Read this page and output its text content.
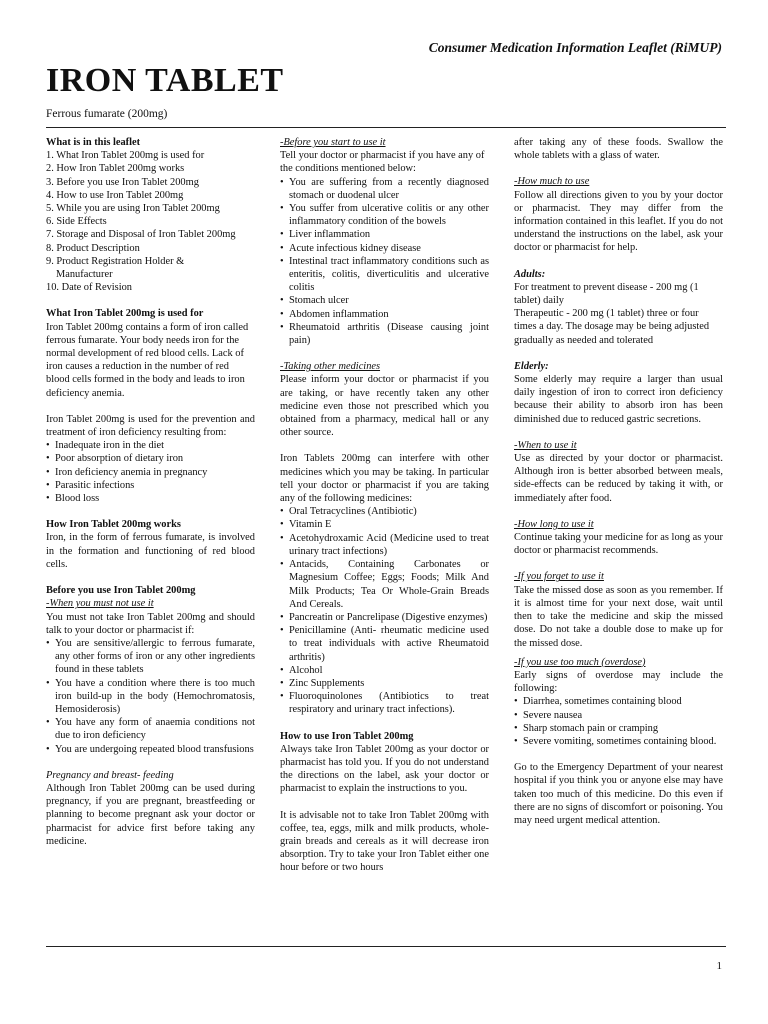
Consumer Medication Information Leaflet (RiMUP)
IRON TABLET
Ferrous fumarate (200mg)

What is in this leaflet

1. What Iron Tablet 200mg is used for
2. How Iron Tablet 200mg works
3. Before you use Iron Tablet 200mg
4. How to use Iron Tablet 200mg
5. While you are using Iron Tablet 200mg
6. Side Effects
7. Storage and Disposal of Iron Tablet 200mg
8. Product Description
9. Product Registration Holder &
Manufacturer
10. Date of Revision

What Iron Tablet 200mg is used for

Iron Tablet 200mg contains a form of iron called ferrous fumarate. Your body needs iron for the normal development of red blood cells. Lack of iron causes a reduction in the number of red blood cells formed in the body and leads to iron deficiency anemia.

Iron Tablet 200mg is used for the prevention and treatment of iron deficiency resulting from:

• Inadequate iron in the diet
• Poor absorption of dietary iron
• Iron deficiency anemia in pregnancy
• Parasitic infections
• Blood loss

How Iron Tablet 200mg works

Iron, in the form of ferrous fumarate, is involved in the formation and functioning of red blood cells.

Before you use Iron Tablet 200mg

-When you must not use it

You must not take Iron Tablet 200mg and should talk to your doctor or pharmacist if:

• You are sensitive/allergic to ferrous fumarate, any other forms of iron or any other ingredients found in these tablets
• You have a condition where there is too much iron build-up in the body (Hemochromatosis, Hemosiderosis)
• You have any form of anaemia conditions not due to iron deficiency
• You are undergoing repeated blood transfusions

Pregnancy and breast- feeding

Although Iron Tablet 200mg can be used during pregnancy, if you are pregnant, breastfeeding or planning to become pregnant ask your doctor or pharmacist for advice first before taking any medicine.

-Before you start to use it

Tell your doctor or pharmacist if you have any of the conditions mentioned below:

• You are suffering from a recently diagnosed stomach or duodenal ulcer
• You suffer from ulcerative colitis or any other inflammatory condition of the bowels
• Liver inflammation
• Acute infectious kidney disease
• Intestinal tract inflammatory conditions such as enteritis, colitis, diverticulitis and ulcerative colitis
• Stomach ulcer
• Abdomen inflammation
• Rheumatoid arthritis (Disease causing joint pain)

-Taking other medicines

Please inform your doctor or pharmacist if you are taking, or have recently taken any other medicine even those not prescribed which you obtained from a pharmacy, medical hall or any other source.

Iron Tablets 200mg can interfere with other medicines which you may be taking. In particular tell your doctor or pharmacist if you are taking any of the following medicines:

• Oral Tetracyclines (Antibiotic)
• Vitamin E
• Acetohydroxamic Acid (Medicine used to treat urinary tract infections)
• Antacids, Containing Carbonates or Magnesium Coffee; Eggs; Foods; Milk And Milk Products; Tea Or Whole-Grain Breads And Cereals.
• Pancreatin or Pancrelipase (Digestive enzymes)
• Penicillamine (Anti- rheumatic medicine used to treat individuals with active Rheumatoid arthritis)
• Alcohol
• Zinc Supplements
• Fluoroquinolones (Antibiotics to treat respiratory and urinary tract infections).

How to use Iron Tablet 200mg

Always take Iron Tablet 200mg as your doctor or pharmacist has told you. If you do not understand the directions on the label, ask your doctor or pharmacist to explain the instructions to you.

It is advisable not to take Iron Tablet 200mg with coffee, tea, eggs, milk and milk products, whole-grain breads and cereals as it will decrease iron absorption. Try to take your Iron Tablet either one hour before or two hours

after taking any of these foods. Swallow the whole tablets with a glass of water.

-How much to use

Follow all directions given to you by your doctor or pharmacist. They may differ from the information contained in this leaflet. If you do not understand the instructions on the label, ask your doctor or pharmacist for help.

Adults:

For treatment to prevent disease - 200 mg (1 tablet) daily

Therapeutic - 200 mg (1 tablet) three or four times a day. The dosage may be being adjusted gradually as needed and tolerated

Elderly:

Some elderly may require a larger than usual daily ingestion of iron to correct iron deficiency because their ability to absorb iron has been diminished due to reduced gastric secretions.

-When to use it

Use as directed by your doctor or pharmacist. Although iron is better absorbed between meals, side-effects can be reduced by taking it with, or immediately after food.

-How long to use it

Continue taking your medicine for as long as your doctor or pharmacist recommends.

-If you forget to use it

Take the missed dose as soon as you remember. If it is almost time for your next dose, wait until then to take the medicine and skip the missed dose. Do not take a double dose to make up for the missed dose.

-If you use too much (overdose)

Early signs of overdose may include the following:

• Diarrhea, sometimes containing blood
• Severe nausea
• Sharp stomach pain or cramping
• Severe vomiting, sometimes containing blood.

Go to the Emergency Department of your nearest hospital if you think you or anyone else may have taken too much of this medicine. Do this even if there are no signs of discomfort or poisoning. You may need urgent medical attention.

1
